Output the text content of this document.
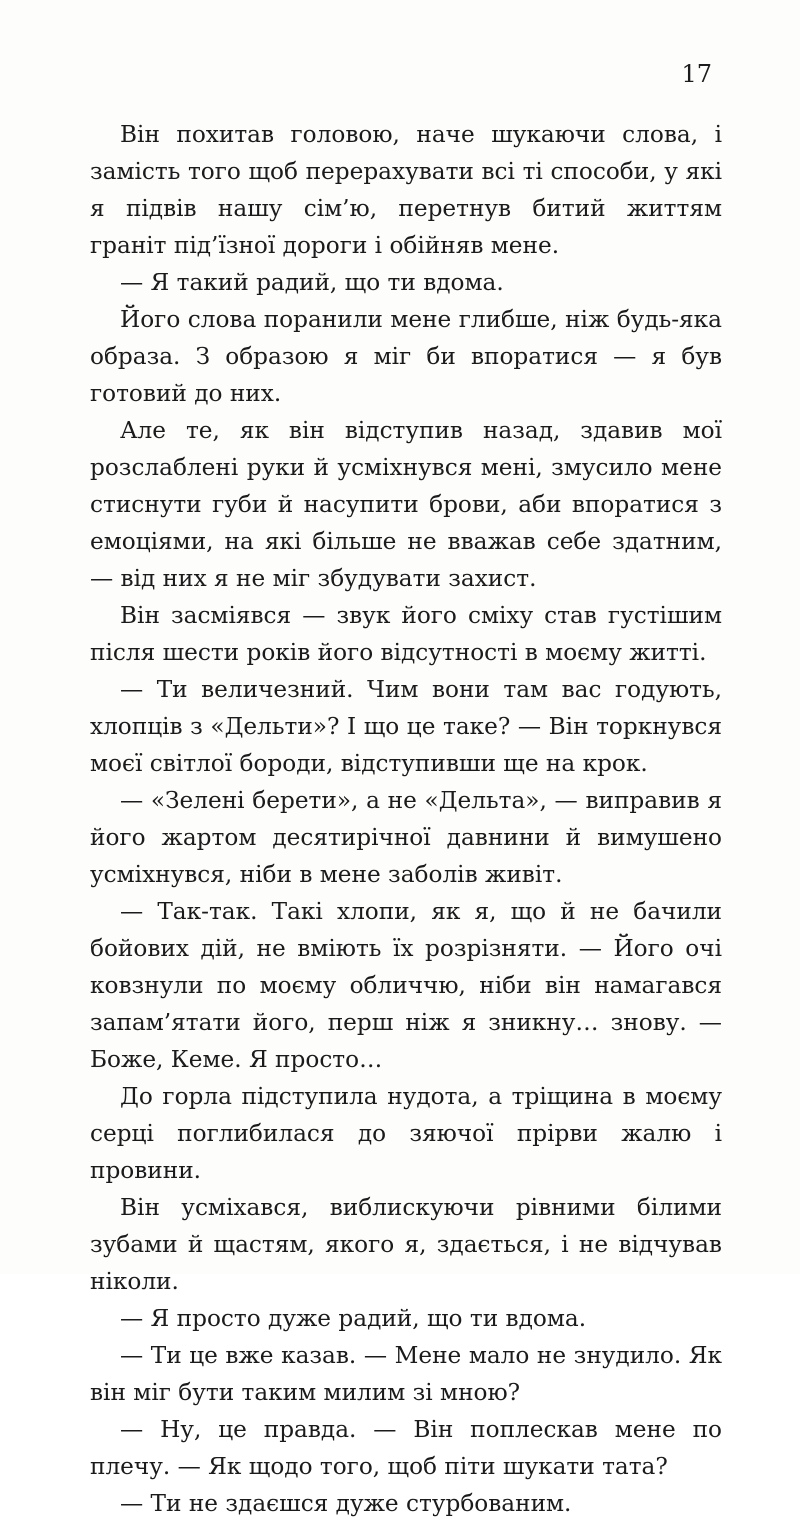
17

Він похитав головою, наче шукаючи слова, і замість того щоб перерахувати всі ті способи, у які я підвів нашу сім’ю, перетнув битий життям граніт під’їзної дороги і обійняв мене.

— Я такий радий, що ти вдома.

Його слова поранили мене глибше, ніж будь-яка образа. З образою я міг би впоратися — я був готовий до них.

Але те, як він відступив назад, здавив мої розслаблені руки й усміхнувся мені, змусило мене стиснути губи й насупити брови, аби впоратися з емоціями, на які більше не вважав себе здатним, — від них я не міг збудувати захист.

Він засміявся — звук його сміху став густішим після шести років його відсутності в моєму житті.

— Ти величезний. Чим вони там вас годують, хлопців з «Дельти»? І що це таке? — Він торкнувся моєї світлої бороди, відступивши ще на крок.

— «Зелені берети», а не «Дельта», — виправив я його жартом десятирічної давнини й вимушено усміхнувся, ніби в мене заболів живіт.

— Так-так. Такі хлопи, як я, що й не бачили бойових дій, не вміють їх розрізняти. — Його очі ковзнули по моєму обличчю, ніби він намагався запам’ятати його, перш ніж я зникну… знову. — Боже, Кеме. Я просто…

До горла підступила нудота, а тріщина в моєму серці поглибилася до зяючої прірви жалю і провини.

Він усміхався, виблискуючи рівними білими зубами й щастям, якого я, здається, і не відчував ніколи.

— Я просто дуже радий, що ти вдома.

— Ти це вже казав. — Мене мало не знудило. Як він міг бути таким милим зі мною?

— Ну, це правда. — Він поплескав мене по плечу. — Як щодо того, щоб піти шукати тата?

— Ти не здаєшся дуже стурбованим.
